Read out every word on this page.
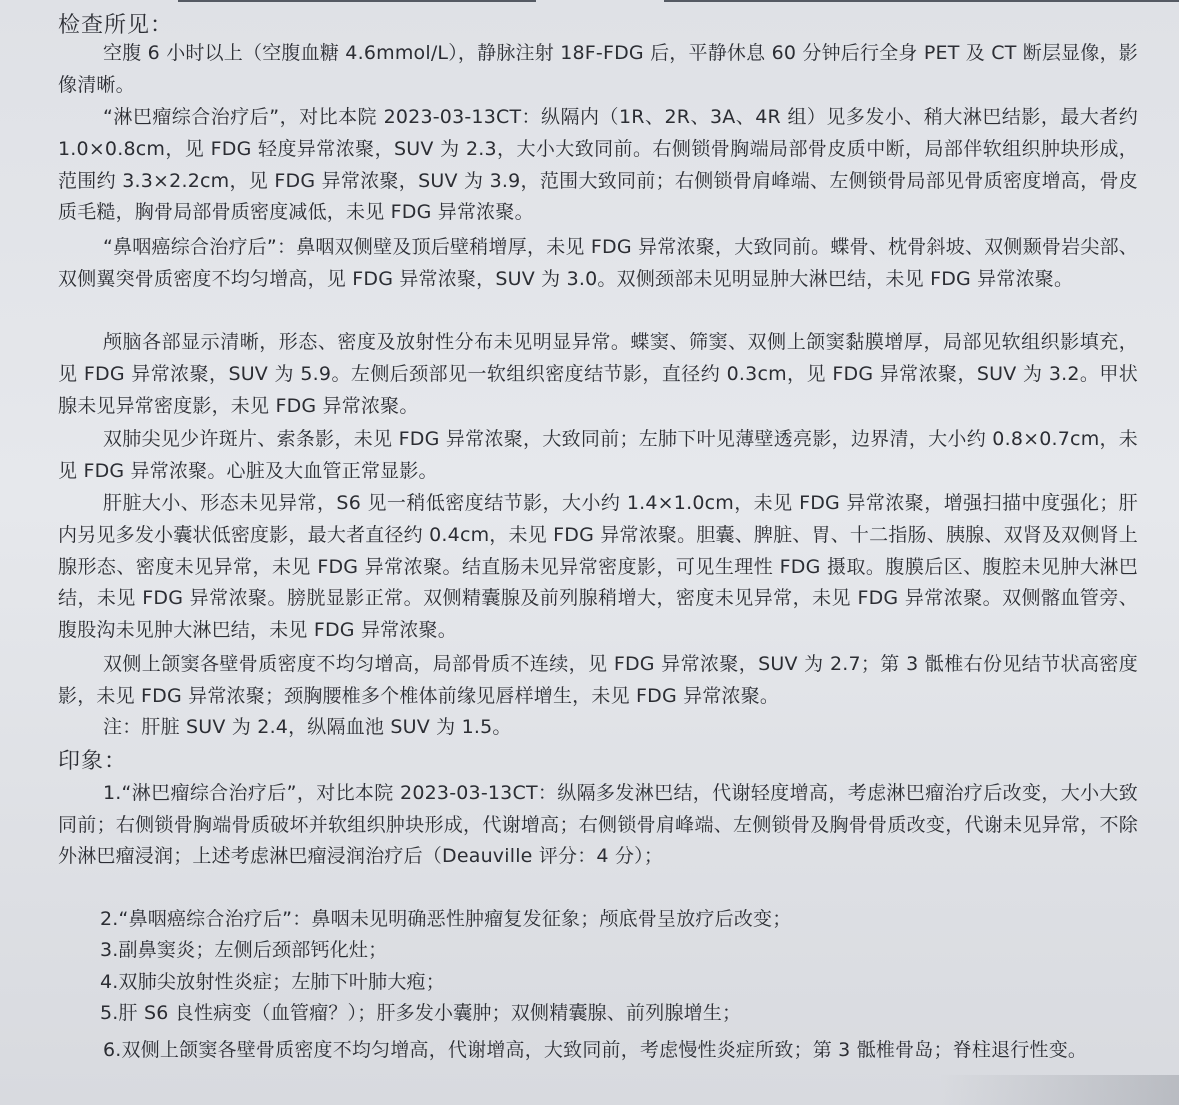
检查所见：

空腹 6 小时以上（空腹血糖 4.6mmol/L），静脉注射 18F-FDG 后，平静休息 60 分钟后行全身 PET 及 CT 断层显像，影像清晰。

“淋巴瘤综合治疗后”，对比本院 2023-03-13CT：纵隔内（1R、2R、3A、4R 组）见多发小、稍大淋巴结影，最大者约 1.0×0.8cm，见 FDG 轻度异常浓聚，SUV 为 2.3，大小大致同前。右侧锁骨胸端局部骨皮质中断，局部伴软组织肿块形成，范围约 3.3×2.2cm，见 FDG 异常浓聚，SUV 为 3.9，范围大致同前；右侧锁骨肩峰端、左侧锁骨局部见骨质密度增高，骨皮质毛糙，胸骨局部骨质密度减低，未见 FDG 异常浓聚。

“鼻咽癌综合治疗后”：鼻咽双侧壁及顶后壁稍增厚，未见 FDG 异常浓聚，大致同前。蝶骨、枕骨斜坡、双侧颞骨岩尖部、双侧翼突骨质密度不均匀增高，见 FDG 异常浓聚，SUV 为 3.0。双侧颈部未见明显肿大淋巴结，未见 FDG 异常浓聚。

颅脑各部显示清晰，形态、密度及放射性分布未见明显异常。蝶窦、筛窦、双侧上颌窦黏膜增厚，局部见软组织影填充，见 FDG 异常浓聚，SUV 为 5.9。左侧后颈部见一软组织密度结节影，直径约 0.3cm，见 FDG 异常浓聚，SUV 为 3.2。甲状腺未见异常密度影，未见 FDG 异常浓聚。

双肺尖见少许斑片、索条影，未见 FDG 异常浓聚，大致同前；左肺下叶见薄壁透亮影，边界清，大小约 0.8×0.7cm，未见 FDG 异常浓聚。心脏及大血管正常显影。

肝脏大小、形态未见异常，S6 见一稍低密度结节影，大小约 1.4×1.0cm，未见 FDG 异常浓聚，增强扫描中度强化；肝内另见多发小囊状低密度影，最大者直径约 0.4cm，未见 FDG 异常浓聚。胆囊、脾脏、胃、十二指肠、胰腺、双肾及双侧肾上腺形态、密度未见异常，未见 FDG 异常浓聚。结直肠未见异常密度影，可见生理性 FDG 摄取。腹膜后区、腹腔未见肿大淋巴结，未见 FDG 异常浓聚。膀胱显影正常。双侧精囊腺及前列腺稍增大，密度未见异常，未见 FDG 异常浓聚。双侧髂血管旁、腹股沟未见肿大淋巴结，未见 FDG 异常浓聚。

双侧上颌窦各壁骨质密度不均匀增高，局部骨质不连续，见 FDG 异常浓聚，SUV 为 2.7；第 3 骶椎右份见结节状高密度影，未见 FDG 异常浓聚；颈胸腰椎多个椎体前缘见唇样增生，未见 FDG 异常浓聚。

注：肝脏 SUV 为 2.4，纵隔血池 SUV 为 1.5。

印象：

1.“淋巴瘤综合治疗后”，对比本院 2023-03-13CT：纵隔多发淋巴结，代谢轻度增高，考虑淋巴瘤治疗后改变，大小大致同前；右侧锁骨胸端骨质破坏并软组织肿块形成，代谢增高；右侧锁骨肩峰端、左侧锁骨及胸骨骨质改变，代谢未见异常，不除外淋巴瘤浸润；上述考虑淋巴瘤浸润治疗后（Deauville 评分：4 分）；

2.“鼻咽癌综合治疗后”：鼻咽未见明确恶性肿瘤复发征象；颅底骨呈放疗后改变；

3.副鼻窦炎；左侧后颈部钙化灶；

4.双肺尖放射性炎症；左肺下叶肺大疱；

5.肝 S6 良性病变（血管瘤？）；肝多发小囊肿；双侧精囊腺、前列腺增生；

6.双侧上颌窦各壁骨质密度不均匀增高，代谢增高，大致同前，考虑慢性炎症所致；第 3 骶椎骨岛；脊柱退行性变。
